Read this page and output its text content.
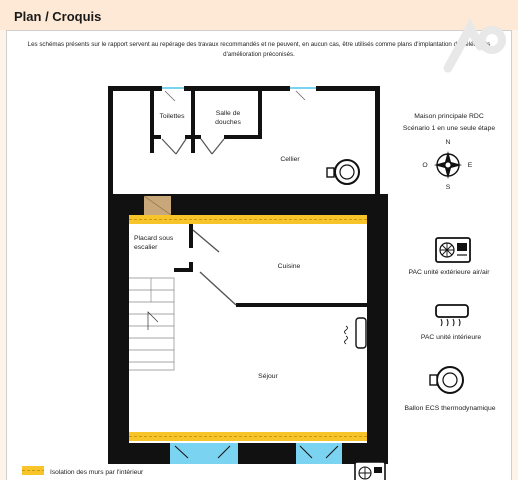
Plan / Croquis
Les schémas présents sur le rapport servent au repérage des travaux recommandés et ne peuvent, en aucun cas, être utilisés comme plans d'implantation des éléments d'amélioration préconisés.
Toilettes	Salle de douches
Cellier
Placard sous escalier
Cuisine
Séjour
Maison principale RDC
Scénario 1 en une seule étape
N
S
O	E
PAC unité extérieure air/air
PAC unité intérieure
Ballon ECS thermodynamique
Isolation des murs par l'intérieur
